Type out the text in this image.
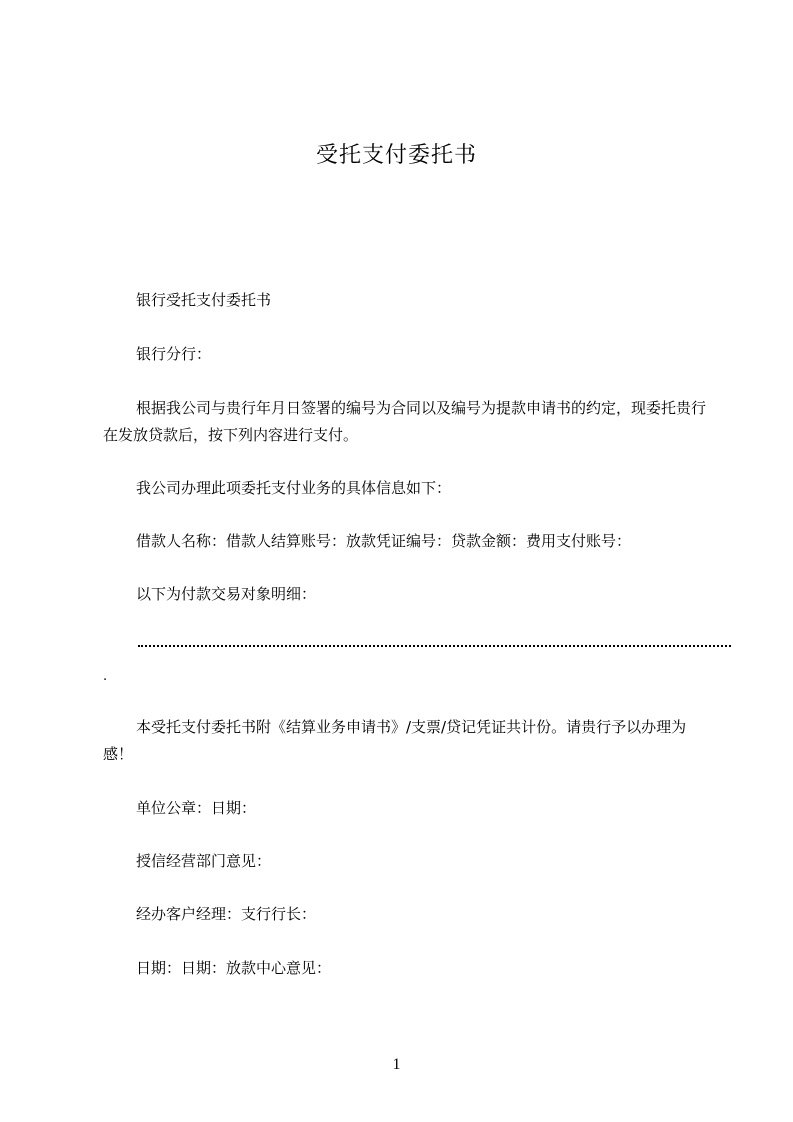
受托支付委托书
银行受托支付委托书
银行分行：
根据我公司与贵行年月日签署的编号为合同以及编号为提款申请书的约定，现委托贵行在发放贷款后，按下列内容进行支付。
我公司办理此项委托支付业务的具体信息如下：
借款人名称：借款人结算账号：放款凭证编号：贷款金额：费用支付账号：
以下为付款交易对象明细：
.
本受托支付委托书附《结算业务申请书》/支票/贷记凭证共计份。请贵行予以办理为感！
单位公章：日期：
授信经营部门意见：
经办客户经理：支行行长：
日期：日期：放款中心意见：
1
